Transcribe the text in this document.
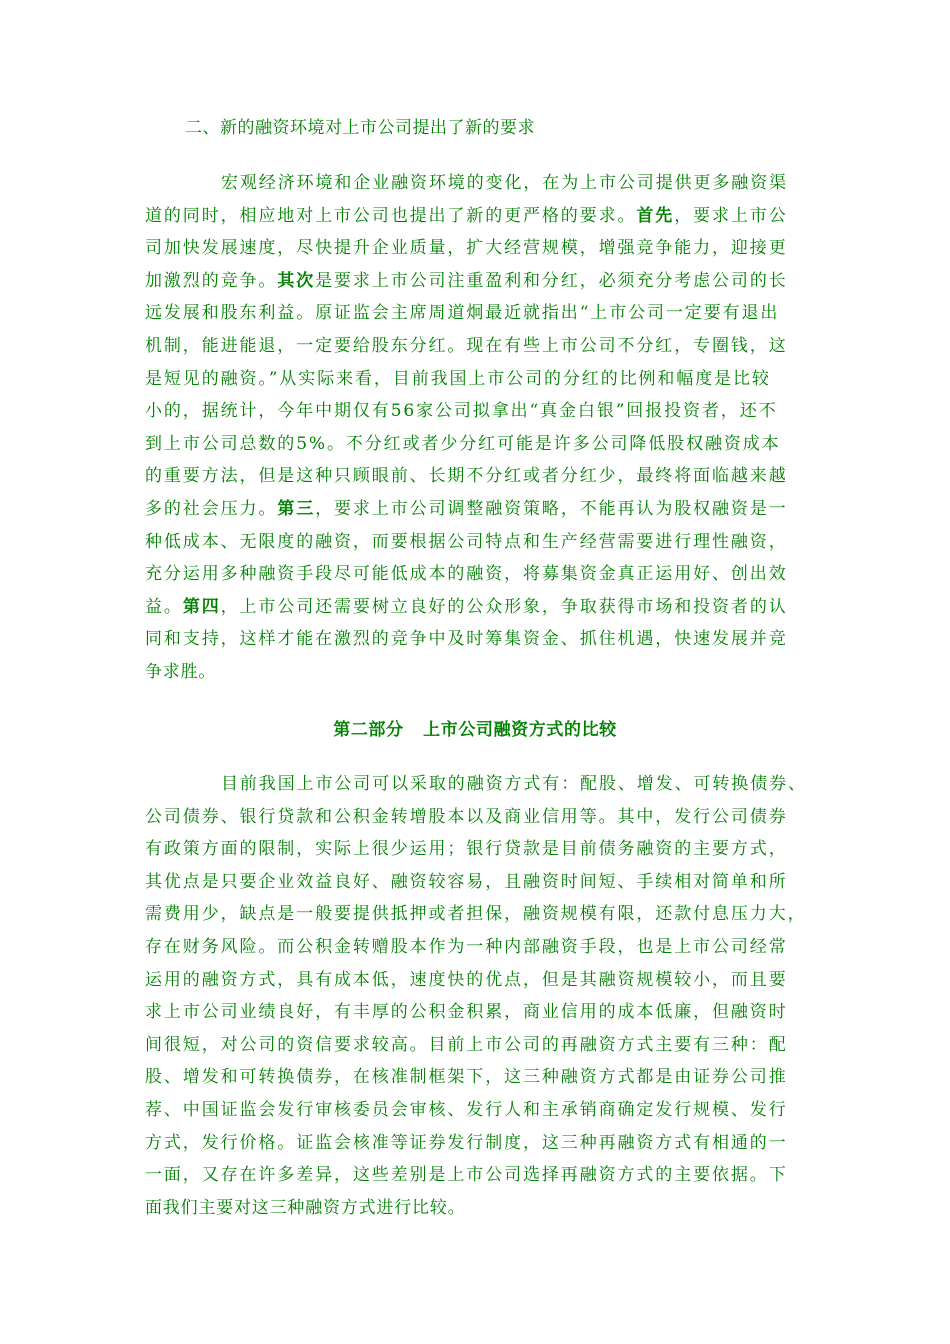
二、新的融资环境对上市公司提出了新的要求
宏观经济环境和企业融资环境的变化，在为上市公司提供更多融资渠
道的同时，相应地对上市公司也提出了新的更严格的要求。首先，要求上市公
司加快发展速度，尽快提升企业质量，扩大经营规模，增强竞争能力，迎接更
加激烈的竞争。其次是要求上市公司注重盈利和分红，必须充分考虑公司的长
远发展和股东利益。原证监会主席周道炯最近就指出“上市公司一定要有退出
机制，能进能退，一定要给股东分红。现在有些上市公司不分红，专圈钱，这
是短见的融资。”从实际来看，目前我国上市公司的分红的比例和幅度是比较
小的，据统计，今年中期仅有56家公司拟拿出“真金白银”回报投资者，还不
到上市公司总数的5%。不分红或者少分红可能是许多公司降低股权融资成本
的重要方法，但是这种只顾眼前、长期不分红或者分红少，最终将面临越来越
多的社会压力。第三，要求上市公司调整融资策略，不能再认为股权融资是一
种低成本、无限度的融资，而要根据公司特点和生产经营需要进行理性融资，
充分运用多种融资手段尽可能低成本的融资，将募集资金真正运用好、创出效
益。第四，上市公司还需要树立良好的公众形象，争取获得市场和投资者的认
同和支持，这样才能在激烈的竞争中及时筹集资金、抓住机遇，快速发展并竞
争求胜。
第二部分   上市公司融资方式的比较
目前我国上市公司可以采取的融资方式有：配股、增发、可转换债券、
公司债券、银行贷款和公积金转增股本以及商业信用等。其中，发行公司债券
有政策方面的限制，实际上很少运用；银行贷款是目前债务融资的主要方式，
其优点是只要企业效益良好、融资较容易，且融资时间短、手续相对简单和所
需费用少，缺点是一般要提供抵押或者担保，融资规模有限，还款付息压力大，
存在财务风险。而公积金转赠股本作为一种内部融资手段，也是上市公司经常
运用的融资方式，具有成本低，速度快的优点，但是其融资规模较小，而且要
求上市公司业绩良好，有丰厚的公积金积累，商业信用的成本低廉，但融资时
间很短，对公司的资信要求较高。目前上市公司的再融资方式主要有三种：配
股、增发和可转换债券，在核准制框架下，这三种融资方式都是由证券公司推
荐、中国证监会发行审核委员会审核、发行人和主承销商确定发行规模、发行
方式，发行价格。证监会核准等证券发行制度，这三种再融资方式有相通的一
一面，又存在许多差异，这些差别是上市公司选择再融资方式的主要依据。下
面我们主要对这三种融资方式进行比较。
